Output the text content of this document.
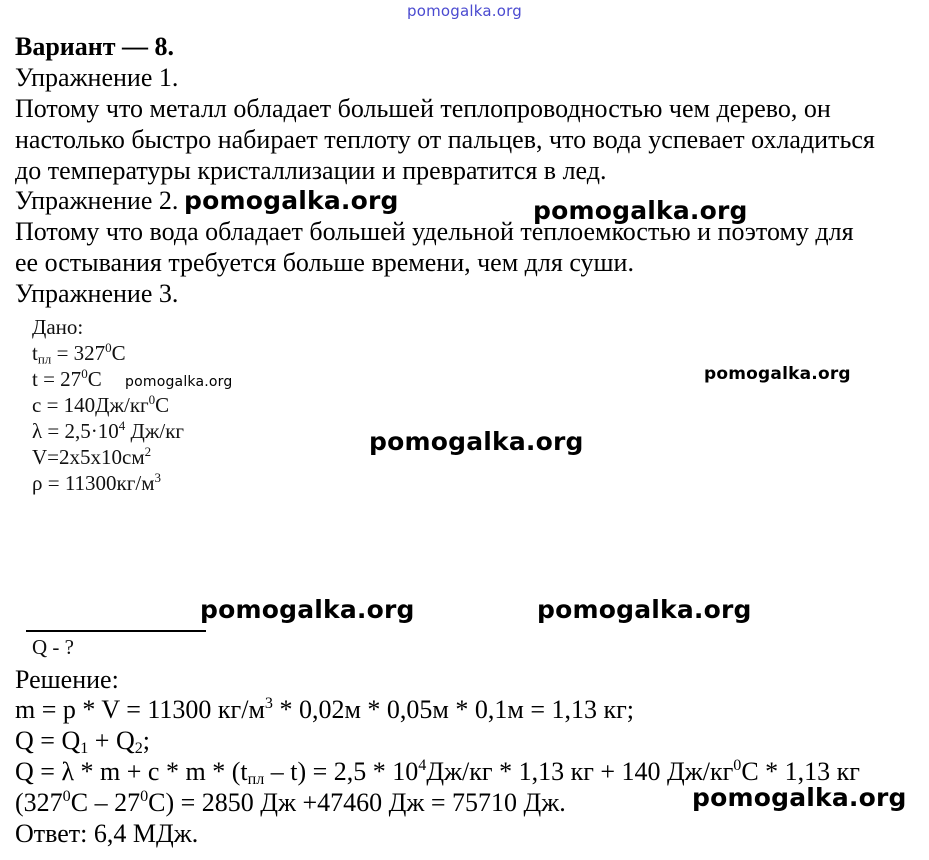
pomogalka.org
Вариант — 8.
Упражнение 1.
Потому что металл обладает большей теплопроводностью чем дерево, он
настолько быстро набирает теплоту от пальцев, что вода успевает охладиться
до температуры кристаллизации и превратится в лед.
Упражнение 2.
Потому что вода обладает большей удельной теплоемкостью и поэтому для
ее остывания требуется больше времени, чем для суши.
Упражнение 3.
Дано:
$t_{пл} = 327^0C$
$t = 27^0C$
$c = 140Дж/кг^0C$
$\lambda = 2,5\cdot 10^4$ Дж/кг
$V=2x5x10см^2$
$\rho = 11300кг/м^3$
Q - ?
Решение:
m = p * V = 11300 $кг/м^3 * 0,02м * 0,05м * 0,1м = 1,13$ кг;
$Q = Q_1 + Q_2$;
$Q = \lambda * m + c * m * (t_{пл} - t) = 2,5 * 10^4Дж/кг * 1,13$ кг + 140 $Дж/кг^0C * 1,13$ кг
$(327^0C - 27^0C) = 2850$ Дж +47460 Дж = 75710 Дж.
Ответ: 6,4 МДж.
pomogalka.org	pomogalka.org
pomogalka.org	pomogalka.org
pomogalka.org
pomogalka.org	pomogalka.org
pomogalka.org
